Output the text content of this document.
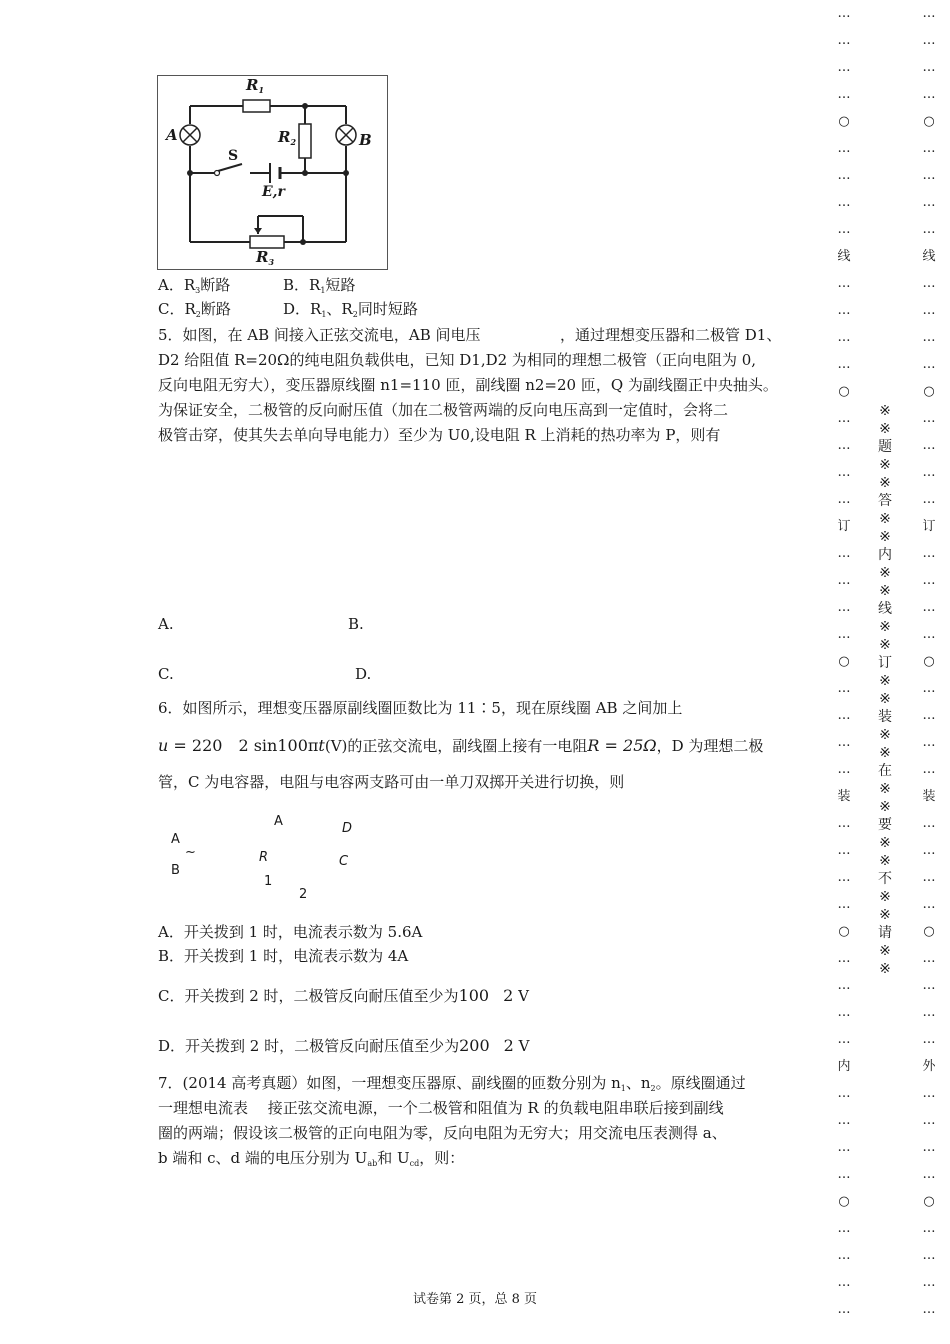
$R_1$
$R_2$
$R_3$
A	B
S
E,r
A．$R_3$断路	B．$R_1$短路
C．$R_2$断路	D．$R_1$、$R_2$同时短路
5．如图，在 AB 间接入正弦交流电，AB 间电压	，通过理想变压器和二极管 D1、
D2 给阻值 R=20Ω的纯电阻负载供电，已知 D1,D2 为相同的理想二极管（正向电阻为 0,
反向电阻无穷大），变压器原线圈 n1=110 匝，副线圈 n2=20 匝，Q 为副线圈正中央抽头。
为保证安全，二极管的反向耐压值（加在二极管两端的反向电压高到一定值时，会将二
极管击穿，使其失去单向导电能力）至少为 U0,设电阻 R 上消耗的热功率为 P，则有
A.	B.
C.	D.
6．如图所示，理想变压器原副线圈匝数比为 11∶5，现在原线圈 AB 之间加上
u = 220 2 sin100πt(V)的正弦交流电，副线圈上接有一电阻R = 25Ω，D 为理想二极
管，C 为电容器，电阻与电容两支路可由一单刀双掷开关进行切换，则
A	D
A
~	R	C
B
1
2
A．开关拨到 1 时，电流表示数为 5.6A
B．开关拨到 1 时，电流表示数为 4A
C．开关拨到 2 时，二极管反向耐压值至少为100 2 V
D．开关拨到 2 时，二极管反向耐压值至少为200 2 V
7．(2014 高考真题）如图，一理想变压器原、副线圈的匝数分别为 $n_1$、$n_2$。原线圈通过
一理想电流表　 接正弦交流电源，一个二极管和阻值为 R 的负载电阻串联后接到副线
圈的两端；假设该二极管的正向电阻为零，反向电阻为无穷大；用交流电压表测得 a、
b 端和 c、d 端的电压分别为 $U_{ab}$和 $U_{cd}$，则：
…
…
…
…
○
…
…
…
…
线
…
…
…
…
○
…
…
…
…
订
…
…
…
…
○
…
…
…
…
装
…
…
…
…
○
…
…
…
…
内
…
…
…
…
○
…
…
…
…
…
…
…
…
○
…
…
…
…
线
…
…
…
…
○
…
…
…
…
订
…
…
…
…
○
…
…
…
…
装
…
…
…
…
○
…
…
…
…
外
…
…
…
…
○
…
…
…
…
※
※
题
※
※
答
※
※
内
※
※
线
※
※
订
※
※
装
※
※
在
※
※
要
※
※
不
※
※
请
※
※
试卷第 2 页，总 8 页
